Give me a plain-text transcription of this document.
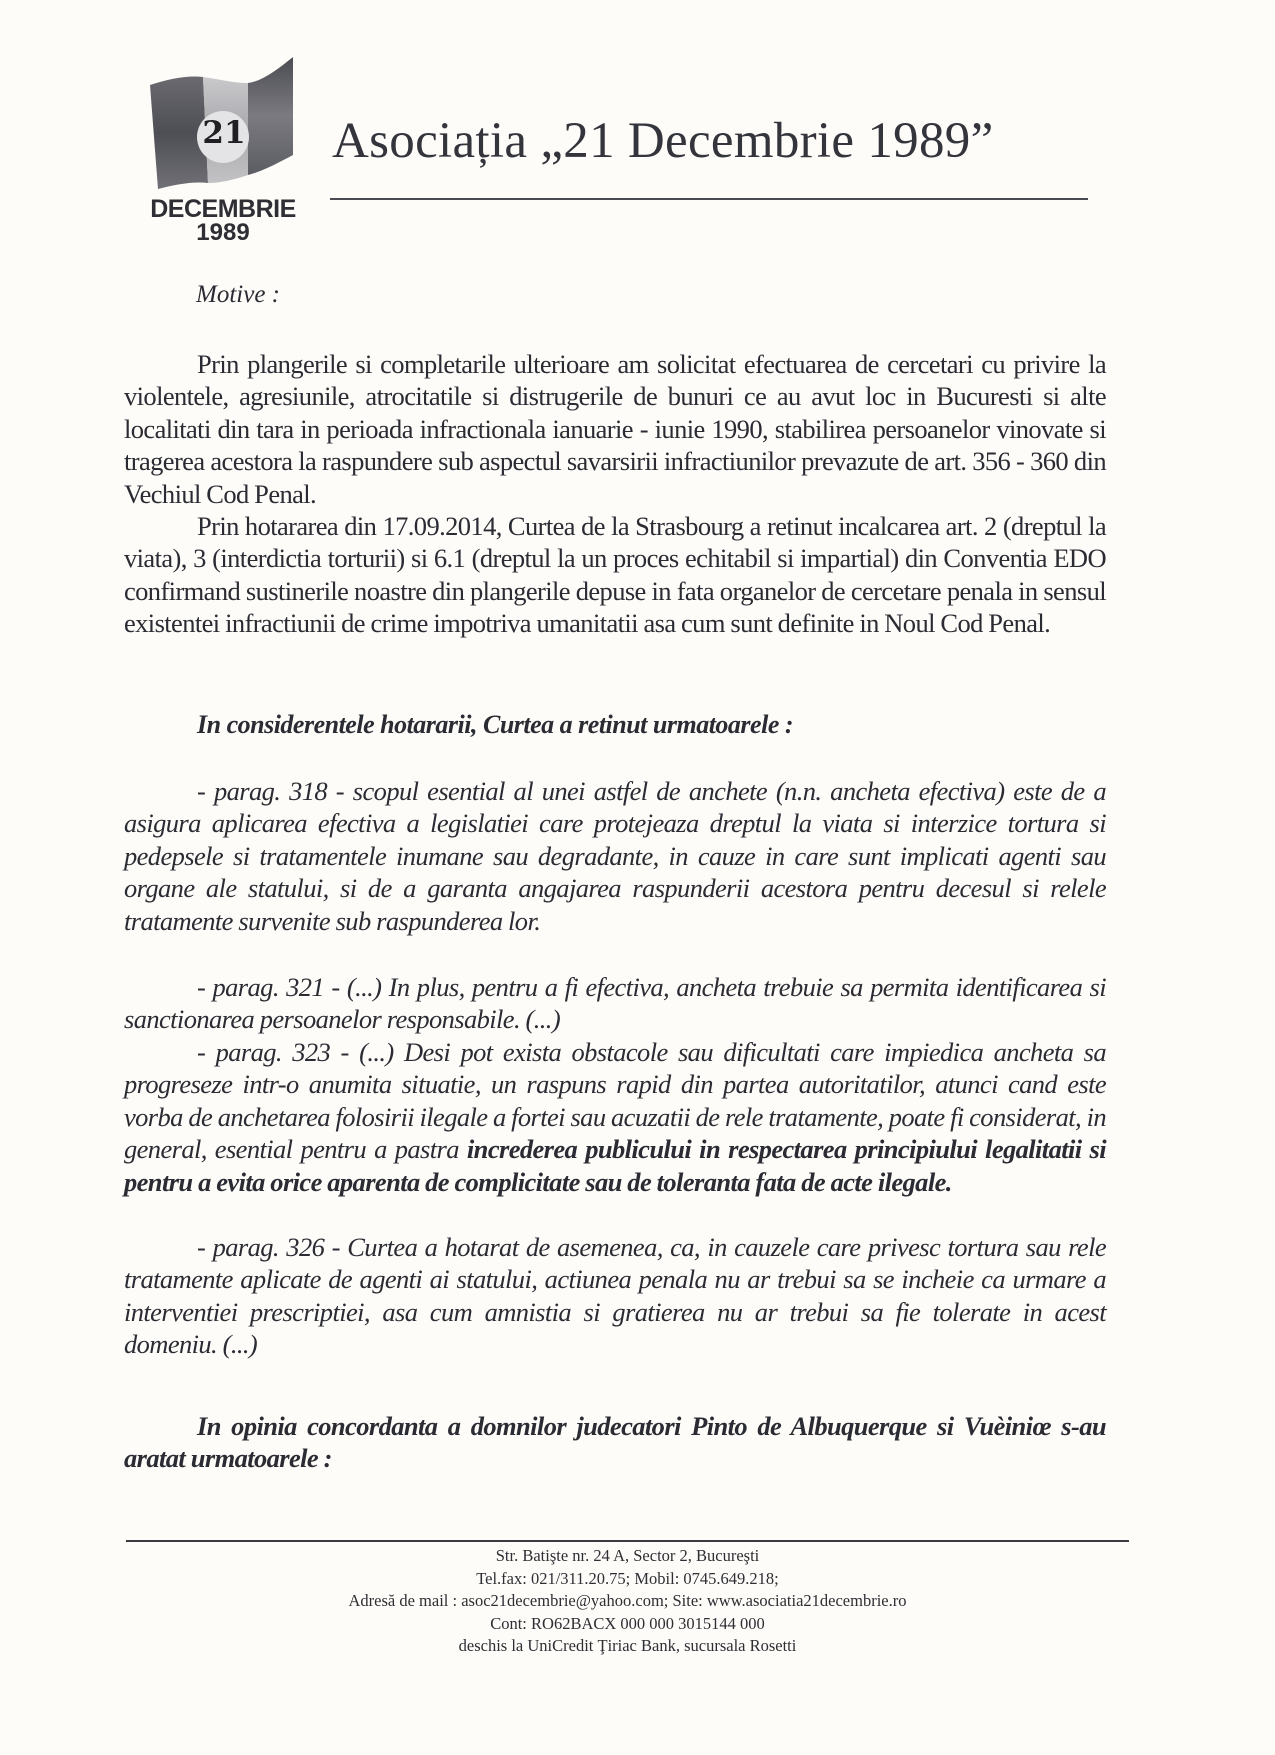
21
DECEMBRIE
1989
Asociația „21 Decembrie 1989”
Motive :
Prin plangerile si completarile ulterioare am solicitat efectuarea de cercetari cu privire la violentele, agresiunile, atrocitatile si distrugerile de bunuri ce au avut loc in Bucuresti si alte localitati din tara in perioada infractionala ianuarie - iunie 1990, stabilirea persoanelor vinovate si tragerea acestora la raspundere sub aspectul savarsirii infractiunilor prevazute de art. 356 - 360 din Vechiul Cod Penal.
Prin hotararea din 17.09.2014, Curtea de la Strasbourg a retinut incalcarea art. 2 (dreptul la viata), 3 (interdictia torturii) si 6.1 (dreptul la un proces echitabil si impartial) din Conventia EDO confirmand sustinerile noastre din plangerile depuse in fata organelor de cercetare penala in sensul existentei infractiunii de crime impotriva umanitatii asa cum sunt definite in Noul Cod Penal.
In considerentele hotararii, Curtea a retinut urmatoarele :
- parag. 318 - scopul esential al unei astfel de anchete (n.n. ancheta efectiva) este de a asigura aplicarea efectiva a legislatiei care protejeaza dreptul la viata si interzice tortura si pedepsele si tratamentele inumane sau degradante, in cauze in care sunt implicati agenti sau organe ale statului, si de a garanta angajarea raspunderii acestora pentru decesul si relele tratamente survenite sub raspunderea lor.
- parag. 321 - (...) In plus, pentru a fi efectiva, ancheta trebuie sa permita identificarea si sanctionarea persoanelor responsabile. (...)
- parag. 323 - (...) Desi pot exista obstacole sau dificultati care impiedica ancheta sa progreseze intr-o anumita situatie, un raspuns rapid din partea autoritatilor, atunci cand este vorba de anchetarea folosirii ilegale a fortei sau acuzatii de rele tratamente, poate fi considerat, in general, esential pentru a pastra increderea publicului in respectarea principiului legalitatii si pentru a evita orice aparenta de complicitate sau de toleranta fata de acte ilegale.
- parag. 326 - Curtea a hotarat de asemenea, ca, in cauzele care privesc tortura sau rele tratamente aplicate de agenti ai statului, actiunea penala nu ar trebui sa se incheie ca urmare a interventiei prescriptiei, asa cum amnistia si gratierea nu ar trebui sa fie tolerate in acest domeniu. (...)
In opinia concordanta a domnilor judecatori Pinto de Albuquerque si Vuèiniœ s-au aratat urmatoarele :
Str. Batişte nr. 24 A, Sector 2, Bucureşti
Tel.fax: 021/311.20.75; Mobil: 0745.649.218;
Adresă de mail : asoc21decembrie@yahoo.com; Site: www.asociatia21decembrie.ro
Cont: RO62BACX 000 000 3015144 000
deschis la UniCredit Ţiriac Bank, sucursala Rosetti
